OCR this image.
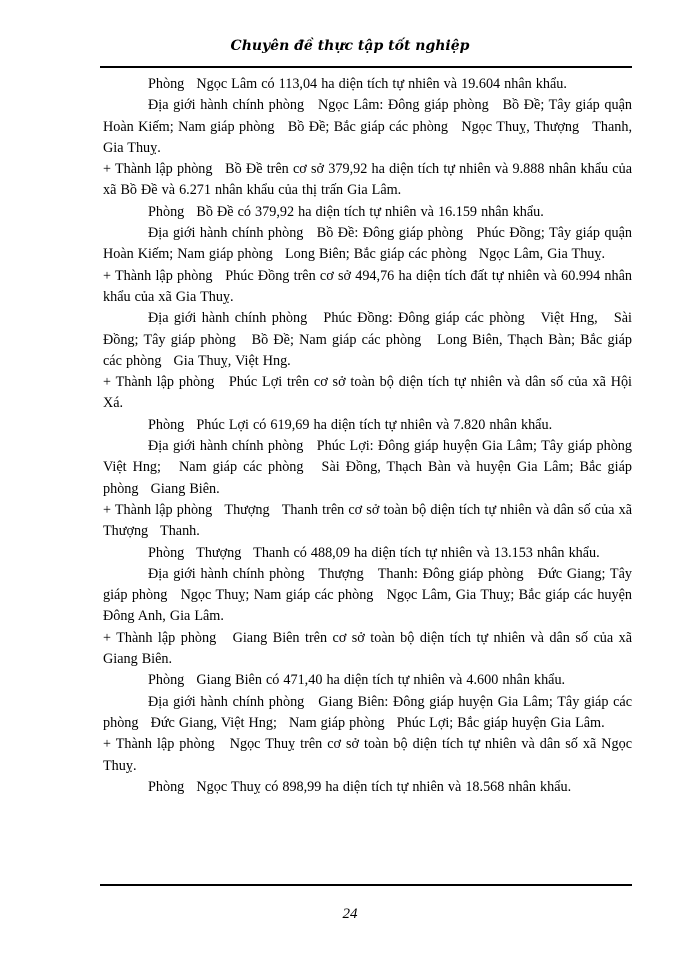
Chuyên đề thực tập tốt nghiệp

Phòng   Ngọc Lâm có 113,04 ha diện tích tự nhiên và 19.604 nhân khẩu.

Địa giới hành chính phòng   Ngọc Lâm: Đông giáp phòng   Bồ Đề; Tây giáp quận Hoàn Kiếm; Nam giáp phòng   Bồ Đề; Bắc giáp các phòng   Ngọc Thuỵ, Thượng   Thanh, Gia Thuỵ.

+ Thành lập phòng   Bồ Đề trên cơ sở 379,92 ha diện tích tự nhiên và 9.888 nhân khẩu của xã Bồ Đề và 6.271 nhân khẩu của thị trấn Gia Lâm.

Phòng   Bồ Đề có 379,92 ha diện tích tự nhiên và 16.159 nhân khẩu.

Địa giới hành chính phòng   Bồ Đề: Đông giáp phòng   Phúc Đồng; Tây giáp quận Hoàn Kiếm; Nam giáp phòng   Long Biên; Bắc giáp các phòng   Ngọc Lâm, Gia Thuỵ.

+ Thành lập phòng   Phúc Đồng trên cơ sở 494,76 ha diện tích đất tự nhiên và 60.994 nhân khẩu của xã Gia Thuỵ.

Địa giới hành chính phòng   Phúc Đồng: Đông giáp các phòng   Việt Hng,   Sài Đồng; Tây giáp phòng   Bồ Đề; Nam giáp các phòng   Long Biên, Thạch Bàn; Bắc giáp các phòng   Gia Thuỵ, Việt Hng.

+ Thành lập phòng   Phúc Lợi trên cơ sở toàn bộ diện tích tự nhiên và dân số của xã Hội Xá.

Phòng   Phúc Lợi có 619,69 ha diện tích tự nhiên và 7.820 nhân khẩu.

Địa giới hành chính phòng   Phúc Lợi: Đông giáp huyện Gia Lâm; Tây giáp phòng   Việt Hng;   Nam giáp các phòng   Sài Đồng, Thạch Bàn và huyện Gia Lâm; Bắc giáp phòng   Giang Biên.

+ Thành lập phòng   Thượng   Thanh trên cơ sở toàn bộ diện tích tự nhiên và dân số của xã Thượng   Thanh.

Phòng   Thượng   Thanh có 488,09 ha diện tích tự nhiên và 13.153 nhân khẩu.

Địa giới hành chính phòng   Thượng   Thanh: Đông giáp phòng   Đức Giang; Tây giáp phòng   Ngọc Thuỵ; Nam giáp các phòng   Ngọc Lâm, Gia Thuỵ; Bắc giáp các huyện Đông Anh, Gia Lâm.

+ Thành lập phòng   Giang Biên trên cơ sở toàn bộ diện tích tự nhiên và dân số của xã Giang Biên.

Phòng   Giang Biên có 471,40 ha diện tích tự nhiên và 4.600 nhân khẩu.

Địa giới hành chính phòng   Giang Biên: Đông giáp huyện Gia Lâm; Tây giáp các phòng   Đức Giang, Việt Hng;   Nam giáp phòng   Phúc Lợi; Bắc giáp huyện Gia Lâm.

+ Thành lập phòng   Ngọc Thuỵ trên cơ sở toàn bộ diện tích tự nhiên và dân số xã Ngọc Thuỵ.

Phòng   Ngọc Thuỵ có 898,99 ha diện tích tự nhiên và 18.568 nhân khẩu.

24
